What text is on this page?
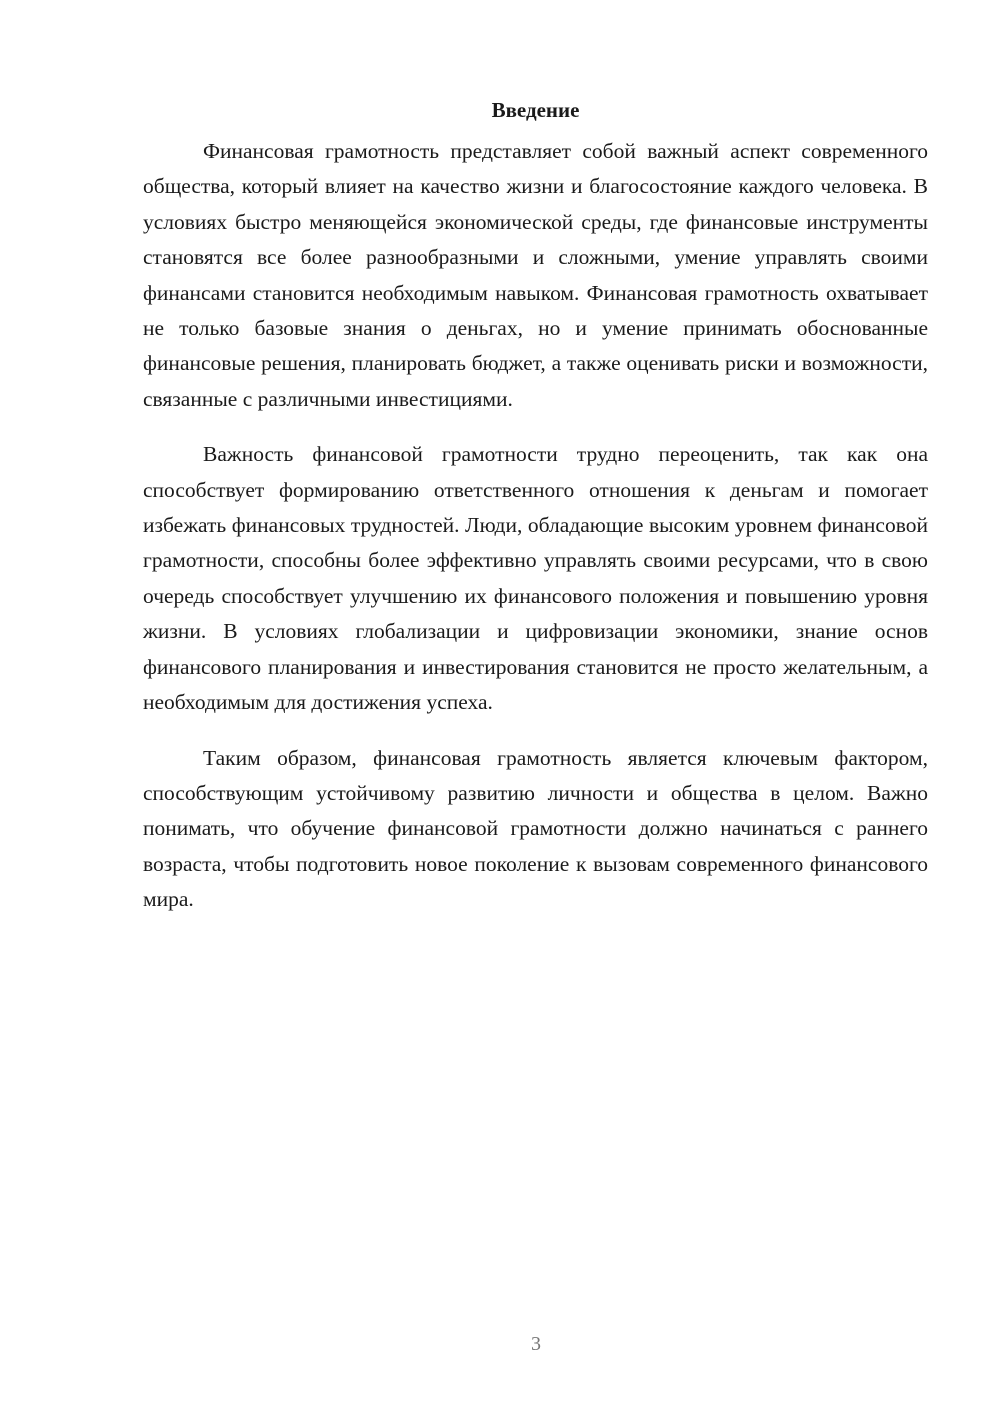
Введение

Финансовая грамотность представляет собой важный аспект современного общества, который влияет на качество жизни и благосостояние каждого человека. В условиях быстро меняющейся экономической среды, где финансовые инструменты становятся все более разнообразными и сложными, умение управлять своими финансами становится необходимым навыком. Финансовая грамотность охватывает не только базовые знания о деньгах, но и умение принимать обоснованные финансовые решения, планировать бюджет, а также оценивать риски и возможности, связанные с различными инвестициями.

Важность финансовой грамотности трудно переоценить, так как она способствует формированию ответственного отношения к деньгам и помогает избежать финансовых трудностей. Люди, обладающие высоким уровнем финансовой грамотности, способны более эффективно управлять своими ресурсами, что в свою очередь способствует улучшению их финансового положения и повышению уровня жизни. В условиях глобализации и цифровизации экономики, знание основ финансового планирования и инвестирования становится не просто желательным, а необходимым для достижения успеха.

Таким образом, финансовая грамотность является ключевым фактором, способствующим устойчивому развитию личности и общества в целом. Важно понимать, что обучение финансовой грамотности должно начинаться с раннего возраста, чтобы подготовить новое поколение к вызовам современного финансового мира.

3
